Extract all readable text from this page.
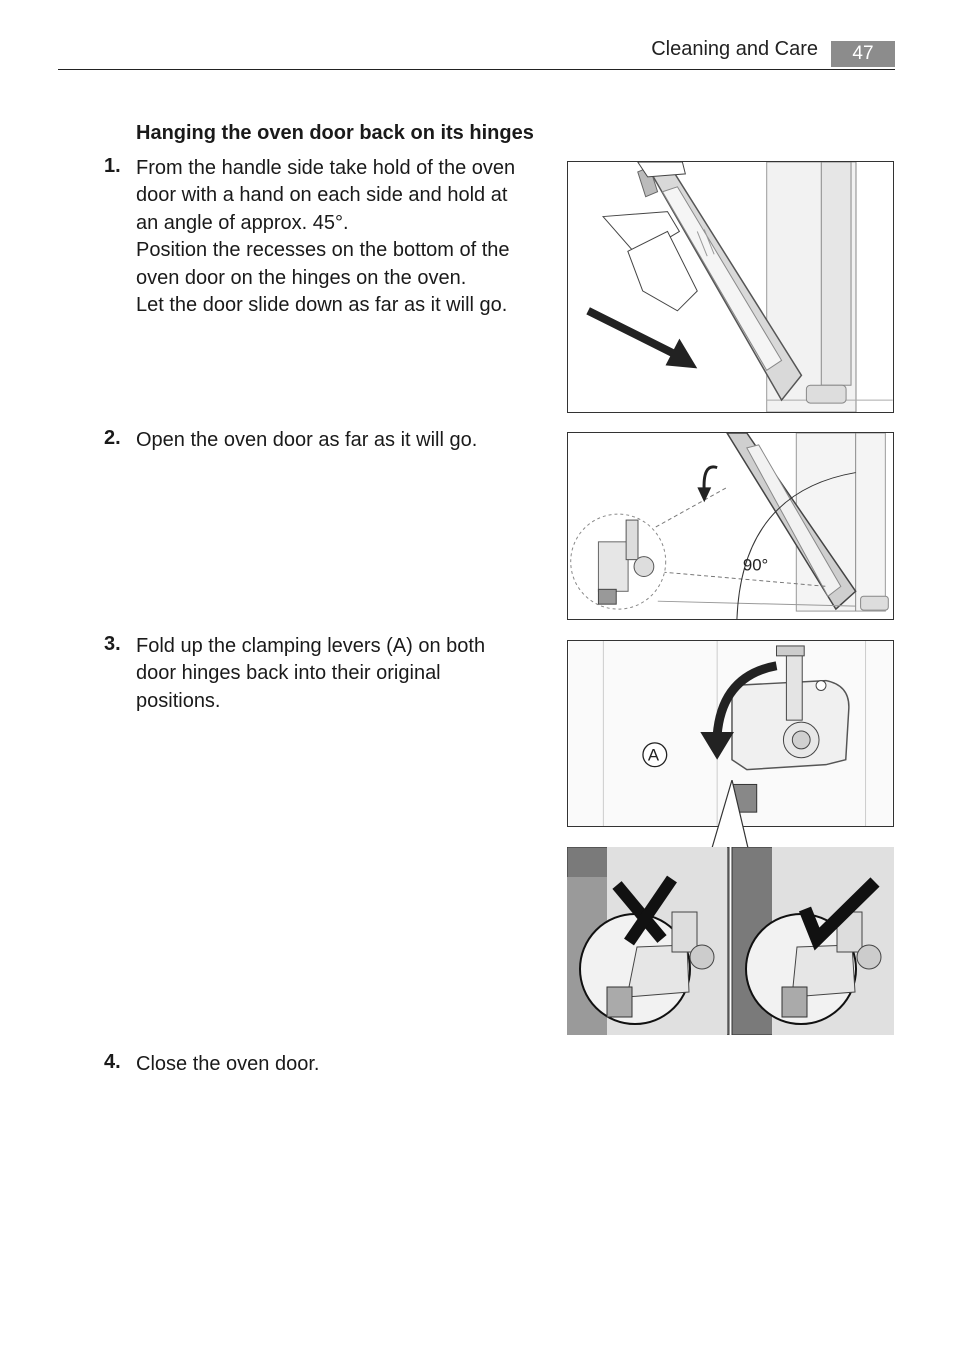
Cleaning and Care	47
Hanging the oven door back on its hinges
1. From the handle side take hold of the oven
door with a hand on each side and hold at
an angle of approx. 45°.
Position the recesses on the bottom of the
oven door on the hinges on the oven.
Let the door slide down as far as it will go.
2. Open the oven door as far as it will go.
3. Fold up the clamping levers (A) on both
door hinges back into their original
positions.
4. Close the oven door.
90°
A
